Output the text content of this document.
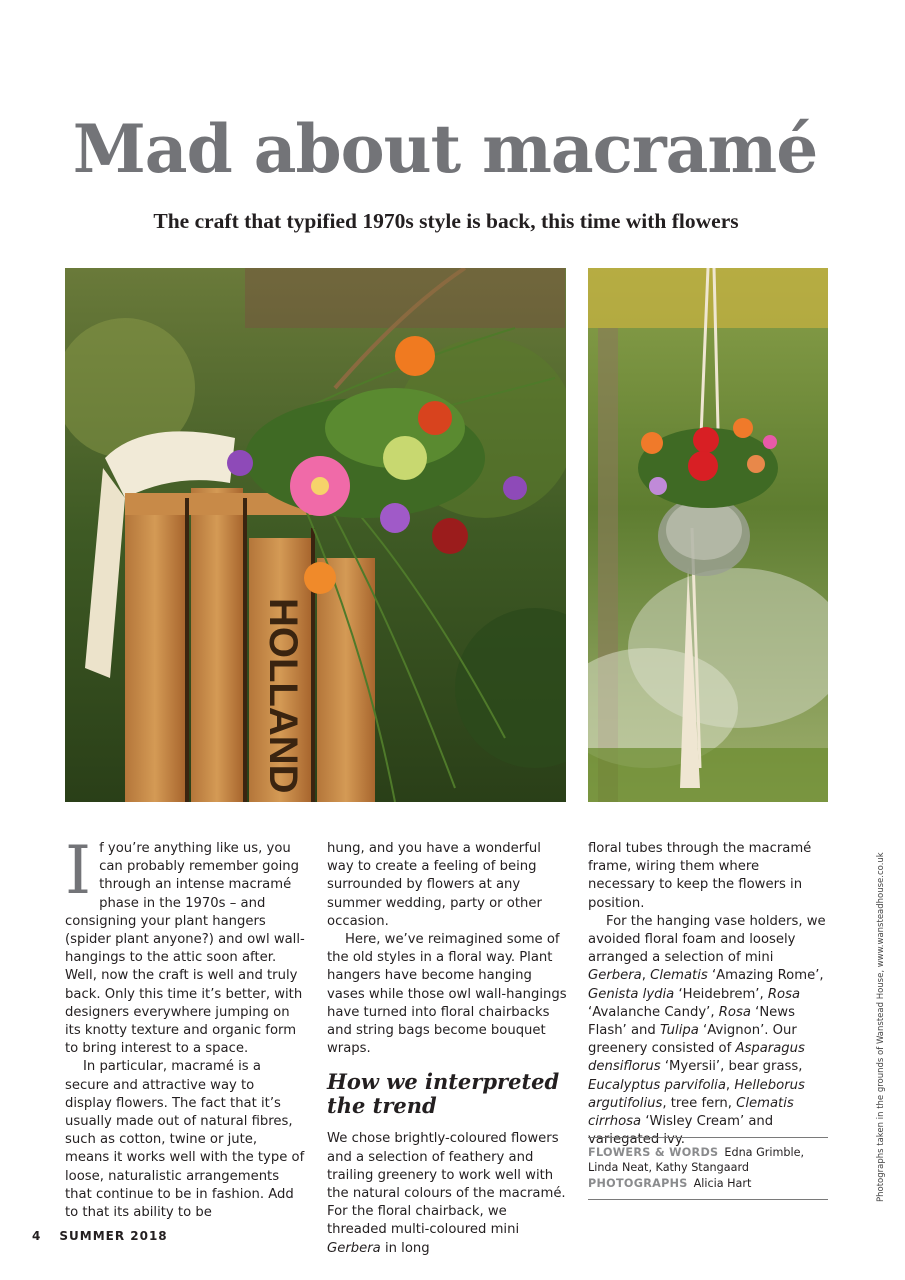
Mad about macramé
The craft that typified 1970s style is back, this time with flowers
HOLLAND

If you’re anything like us, you can probably remember going through an intense macramé phase in the 1970s – and consigning your plant hangers (spider plant anyone?) and owl wall-hangings to the attic soon after. Well, now the craft is well and truly back. Only this time it’s better, with designers everywhere jumping on its knotty texture and organic form to bring interest to a space.

In particular, macramé is a secure and attractive way to display flowers. The fact that it’s usually made out of natural fibres, such as cotton, twine or jute, means it works well with the type of loose, naturalistic arrangements that continue to be in fashion. Add to that its ability to be

hung, and you have a wonderful way to create a feeling of being surrounded by flowers at any summer wedding, party or other occasion.

Here, we’ve reimagined some of the old styles in a floral way. Plant hangers have become hanging vases while those owl wall-hangings have turned into floral chairbacks and string bags become bouquet wraps.

How we interpreted the trend

We chose brightly-coloured flowers and a selection of feathery and trailing greenery to work well with the natural colours of the macramé.

For the floral chairback, we threaded multi-coloured mini Gerbera in long

floral tubes through the macramé frame, wiring them where necessary to keep the flowers in position.

For the hanging vase holders, we avoided floral foam and loosely arranged a selection of mini Gerbera, Clematis ‘Amazing Rome’, Genista lydia ‘Heidebrem’, Rosa ‘Avalanche Candy’, Rosa ‘News Flash’ and Tulipa ‘Avignon’. Our greenery consisted of Asparagus densiflorus ‘Myersii’, bear grass, Eucalyptus parvifolia, Helleborus argutifolius, tree fern, Clematis cirrhosa ‘Wisley Cream’ and variegated ivy.

FLOWERS & WORDS Edna Grimble, Linda Neat, Kathy Stangaard
PHOTOGRAPHS Alicia Hart	Photographs taken in the grounds of Wanstead House, www.wansteadhouse.co.uk
4 SUMMER 2018
